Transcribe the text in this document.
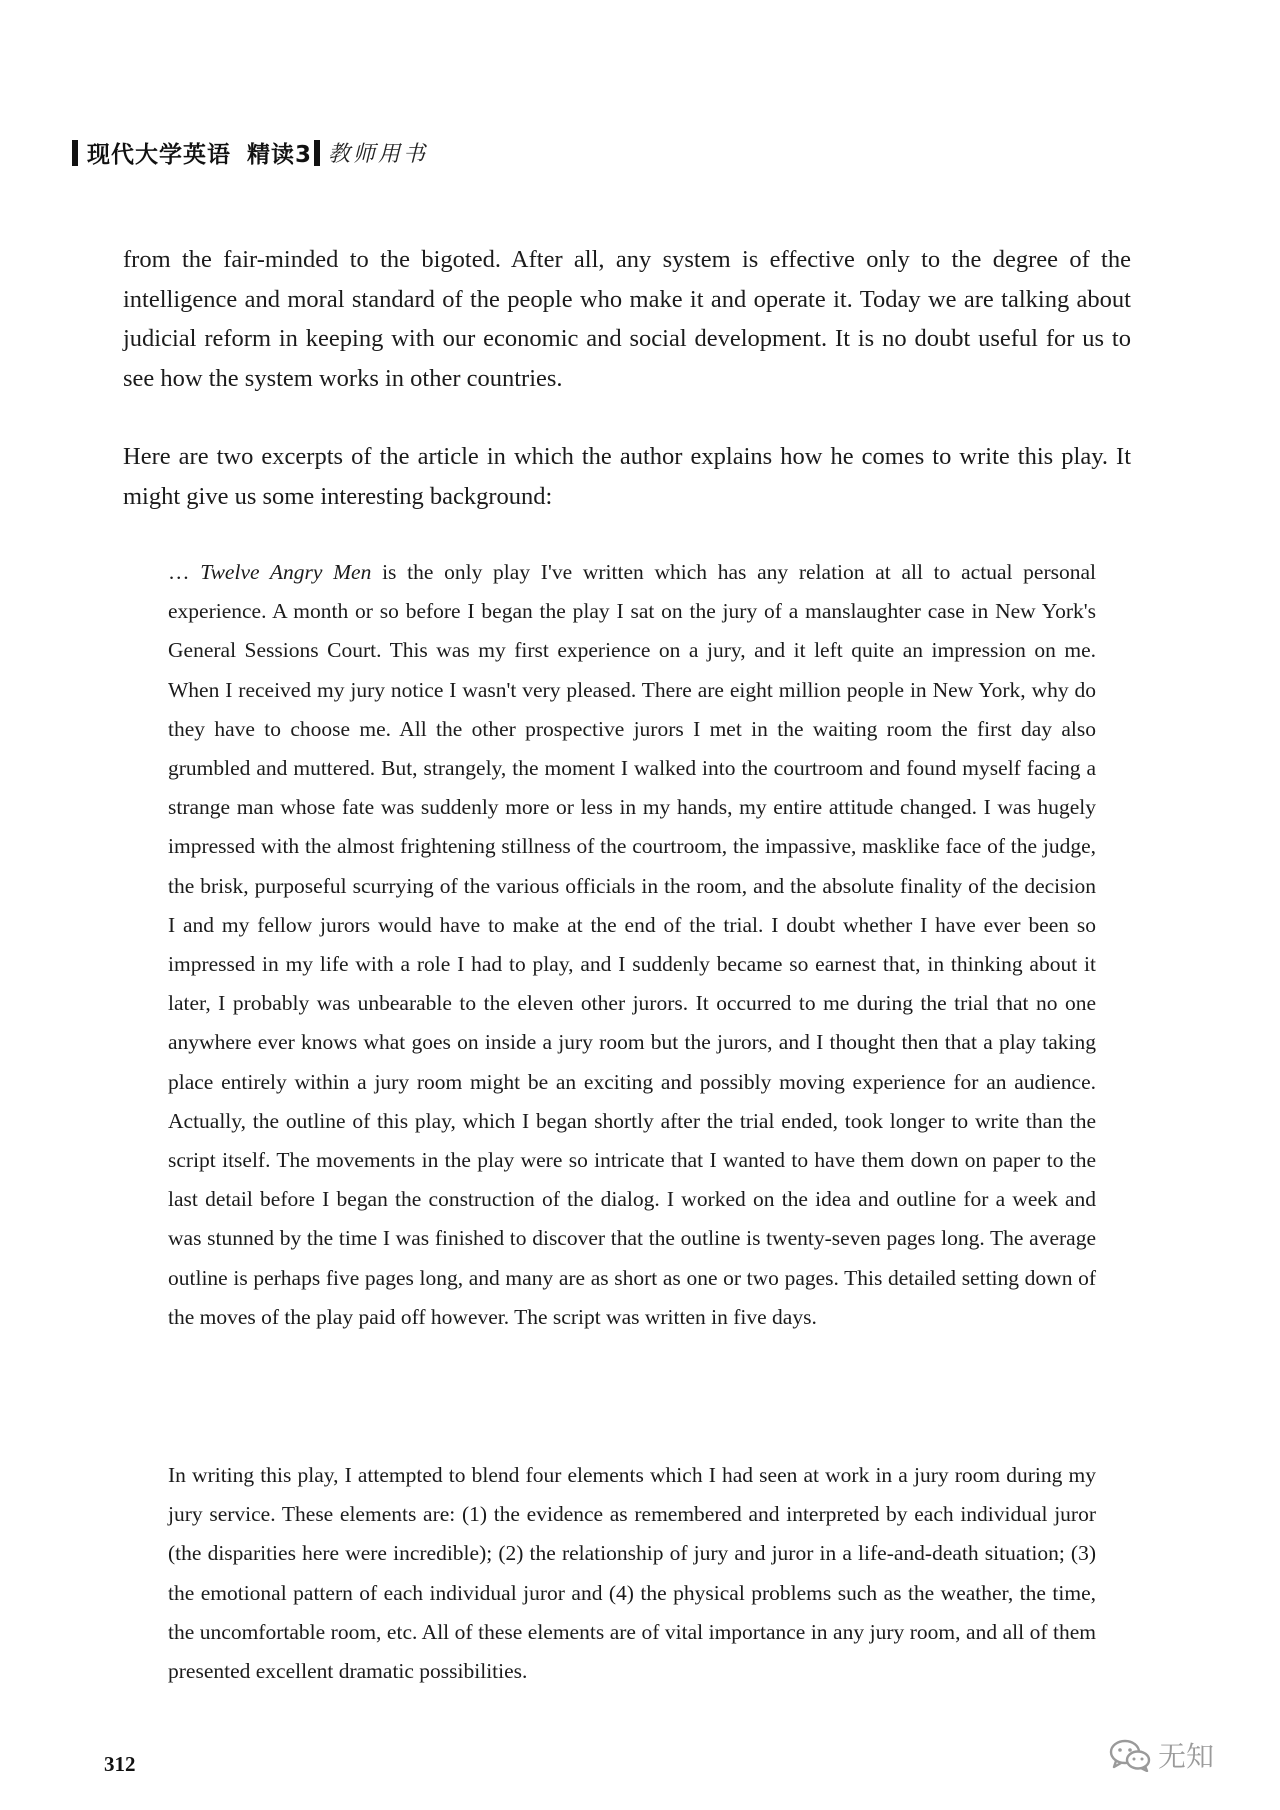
现代大学英语 精读3 教师用书

from the fair-minded to the bigoted. After all, any system is effective only to the degree of the intelligence and moral standard of the people who make it and operate it. Today we are talking about judicial reform in keeping with our economic and social development. It is no doubt useful for us to see how the system works in other countries.

Here are two excerpts of the article in which the author explains how he comes to write this play. It might give us some interesting background:

… Twelve Angry Men is the only play I've written which has any relation at all to actual personal experience. A month or so before I began the play I sat on the jury of a manslaughter case in New York's General Sessions Court. This was my first experience on a jury, and it left quite an impression on me. When I received my jury notice I wasn't very pleased. There are eight million people in New York, why do they have to choose me. All the other prospective jurors I met in the waiting room the first day also grumbled and muttered. But, strangely, the moment I walked into the courtroom and found myself facing a strange man whose fate was suddenly more or less in my hands, my entire attitude changed. I was hugely impressed with the almost frightening stillness of the courtroom, the impassive, masklike face of the judge, the brisk, purposeful scurrying of the various officials in the room, and the absolute finality of the decision I and my fellow jurors would have to make at the end of the trial. I doubt whether I have ever been so impressed in my life with a role I had to play, and I suddenly became so earnest that, in thinking about it later, I probably was unbearable to the eleven other jurors. It occurred to me during the trial that no one anywhere ever knows what goes on inside a jury room but the jurors, and I thought then that a play taking place entirely within a jury room might be an exciting and possibly moving experience for an audience. Actually, the outline of this play, which I began shortly after the trial ended, took longer to write than the script itself. The movements in the play were so intricate that I wanted to have them down on paper to the last detail before I began the construction of the dialog. I worked on the idea and outline for a week and was stunned by the time I was finished to discover that the outline is twenty-seven pages long. The average outline is perhaps five pages long, and many are as short as one or two pages. This detailed setting down of the moves of the play paid off however. The script was written in five days.

In writing this play, I attempted to blend four elements which I had seen at work in a jury room during my jury service. These elements are: (1) the evidence as remembered and interpreted by each individual juror (the disparities here were incredible); (2) the relationship of jury and juror in a life-and-death situation; (3) the emotional pattern of each individual juror and (4) the physical problems such as the weather, the time, the uncomfortable room, etc. All of these elements are of vital importance in any jury room, and all of them presented excellent dramatic possibilities.

312	无知
